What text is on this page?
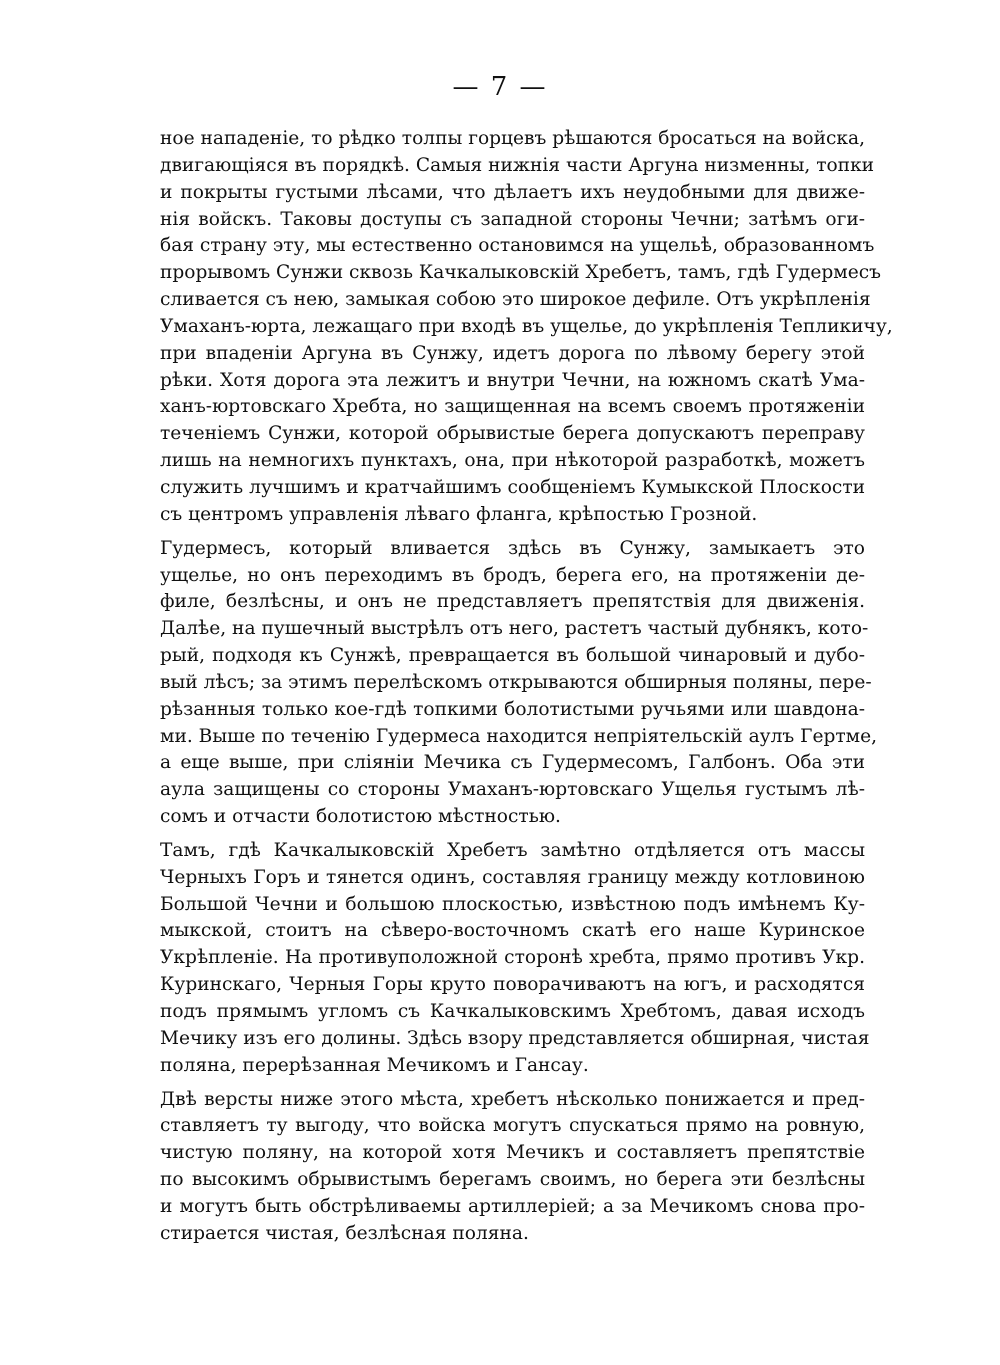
— 7 —
ное нападеніе, то рѣдко толпы горцевъ рѣшаются бросаться на войска,
двигающіяся въ порядкѣ. Самыя нижнія части Аргуна низменны, топки
и покрыты густыми лѣсами, что дѣлаетъ ихъ неудобными для движе-
нія войскъ. Таковы доступы съ западной стороны Чечни; затѣмъ оги-
бая страну эту, мы естественно остановимся на ущельѣ, образованномъ
прорывомъ Сунжи сквозь Качкалыковскій Хребетъ, тамъ, гдѣ Гудермесъ
сливается съ нею, замыкая собою это широкое дефиле. Отъ укрѣпленія
Умаханъ-юрта, лежащаго при входѣ въ ущелье, до укрѣпленія Тепликичу,
при впаденіи Аргуна въ Сунжу, идетъ дорога по лѣвому берегу этой
рѣки. Хотя дорога эта лежитъ и внутри Чечни, на южномъ скатѣ Ума-
ханъ-юртовскаго Хребта, но защищенная на всемъ своемъ протяженіи
теченіемъ Сунжи, которой обрывистые берега допускаютъ переправу
лишь на немногихъ пунктахъ, она, при нѣкоторой разработкѣ, можетъ
служить лучшимъ и кратчайшимъ сообщеніемъ Кумыкской Плоскости
съ центромъ управленія лѣваго фланга, крѣпостью Грозной.
Гудермесъ, который вливается здѣсь въ Сунжу, замыкаетъ это
ущелье, но онъ переходимъ въ бродъ, берега его, на протяженіи де-
филе, безлѣсны, и онъ не представляетъ препятствія для движенія.
Далѣе, на пушечный выстрѣлъ отъ него, растетъ частый дубнякъ, кото-
рый, подходя къ Сунжѣ, превращается въ большой чинаровый и дубо-
вый лѣсъ; за этимъ перелѣскомъ открываются обширныя поляны, пере-
рѣзанныя только кое-гдѣ топкими болотистыми ручьями или шавдона-
ми. Выше по теченію Гудермеса находится непріятельскій аулъ Гертме,
а еще выше, при сліяніи Мечика съ Гудермесомъ, Галбонъ. Оба эти
аула защищены со стороны Умаханъ-юртовскаго Ущелья густымъ лѣ-
сомъ и отчасти болотистою мѣстностью.
Тамъ, гдѣ Качкалыковскій Хребетъ замѣтно отдѣляется отъ массы
Черныхъ Горъ и тянется одинъ, составляя границу между котловиною
Большой Чечни и большою плоскостью, извѣстною подъ имѣнемъ Ку-
мыкской, стоитъ на сѣверо-восточномъ скатѣ его наше Куринское
Укрѣпленіе. На противуположной сторонѣ хребта, прямо противъ Укр.
Куринскаго, Черныя Горы круто поворачиваютъ на югъ, и расходятся
подъ прямымъ угломъ съ Качкалыковскимъ Хребтомъ, давая исходъ
Мечику изъ его долины. Здѣсь взору представляется обширная, чистая
поляна, перерѣзанная Мечикомъ и Гансау.
Двѣ версты ниже этого мѣста, хребетъ нѣсколько понижается и пред-
ставляетъ ту выгоду, что войска могутъ спускаться прямо на ровную,
чистую поляну, на которой хотя Мечикъ и составляетъ препятствіе
по высокимъ обрывистымъ берегамъ своимъ, но берега эти безлѣсны
и могутъ быть обстрѣливаемы артиллеріей; а за Мечикомъ снова про-
стирается чистая, безлѣсная поляна.
